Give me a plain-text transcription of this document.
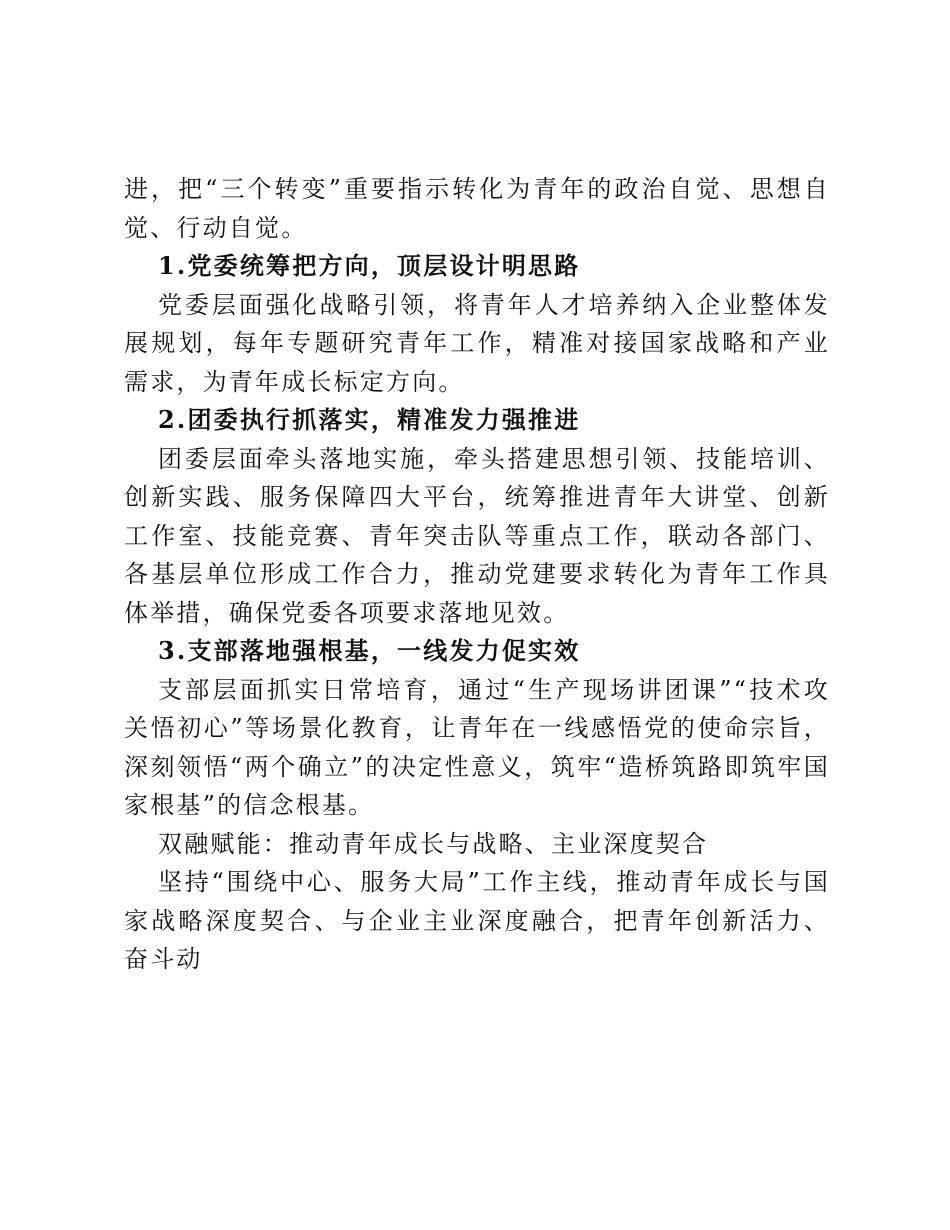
进，把“三个转变”重要指示转化为青年的政治自觉、思想自觉、行动自觉。

1.党委统筹把方向，顶层设计明思路

党委层面强化战略引领，将青年人才培养纳入企业整体发展规划，每年专题研究青年工作，精准对接国家战略和产业需求，为青年成长标定方向。

2.团委执行抓落实，精准发力强推进

团委层面牵头落地实施，牵头搭建思想引领、技能培训、创新实践、服务保障四大平台，统筹推进青年大讲堂、创新工作室、技能竞赛、青年突击队等重点工作，联动各部门、各基层单位形成工作合力，推动党建要求转化为青年工作具体举措，确保党委各项要求落地见效。

3.支部落地强根基，一线发力促实效

支部层面抓实日常培育，通过“生产现场讲团课”“技术攻关悟初心”等场景化教育，让青年在一线感悟党的使命宗旨，深刻领悟“两个确立”的决定性意义，筑牢“造桥筑路即筑牢国家根基”的信念根基。

双融赋能：推动青年成长与战略、主业深度契合

坚持“围绕中心、服务大局”工作主线，推动青年成长与国家战略深度契合、与企业主业深度融合，把青年创新活力、奋斗动
